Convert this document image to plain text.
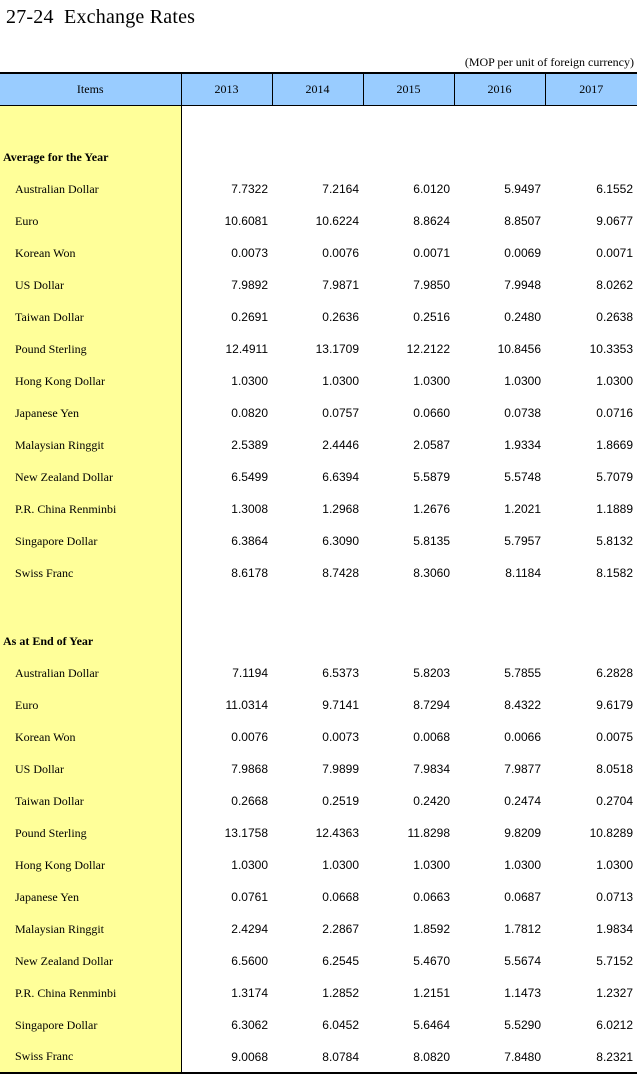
27-24  Exchange Rates
(MOP per unit of foreign currency)
Items	2013	2014	2015	2016	2017

Average for the Year					
Australian Dollar	7.7322	7.2164	6.0120	5.9497	6.1552
Euro	10.6081	10.6224	8.8624	8.8507	9.0677
Korean Won	0.0073	0.0076	0.0071	0.0069	0.0071
US Dollar	7.9892	7.9871	7.9850	7.9948	8.0262
Taiwan Dollar	0.2691	0.2636	0.2516	0.2480	0.2638
Pound Sterling	12.4911	13.1709	12.2122	10.8456	10.3353
Hong Kong Dollar	1.0300	1.0300	1.0300	1.0300	1.0300
Japanese Yen	0.0820	0.0757	0.0660	0.0738	0.0716
Malaysian Ringgit	2.5389	2.4446	2.0587	1.9334	1.8669
New Zealand Dollar	6.5499	6.6394	5.5879	5.5748	5.7079
P.R. China Renminbi	1.3008	1.2968	1.2676	1.2021	1.1889
Singapore Dollar	6.3864	6.3090	5.8135	5.7957	5.8132
Swiss Franc	8.6178	8.7428	8.3060	8.1184	8.1582

As at End of Year					
Australian Dollar	7.1194	6.5373	5.8203	5.7855	6.2828
Euro	11.0314	9.7141	8.7294	8.4322	9.6179
Korean Won	0.0076	0.0073	0.0068	0.0066	0.0075
US Dollar	7.9868	7.9899	7.9834	7.9877	8.0518
Taiwan Dollar	0.2668	0.2519	0.2420	0.2474	0.2704
Pound Sterling	13.1758	12.4363	11.8298	9.8209	10.8289
Hong Kong Dollar	1.0300	1.0300	1.0300	1.0300	1.0300
Japanese Yen	0.0761	0.0668	0.0663	0.0687	0.0713
Malaysian Ringgit	2.4294	2.2867	1.8592	1.7812	1.9834
New Zealand Dollar	6.5600	6.2545	5.4670	5.5674	5.7152
P.R. China Renminbi	1.3174	1.2852	1.2151	1.1473	1.2327
Singapore Dollar	6.3062	6.0452	5.6464	5.5290	6.0212
Swiss Franc	9.0068	8.0784	8.0820	7.8480	8.2321
